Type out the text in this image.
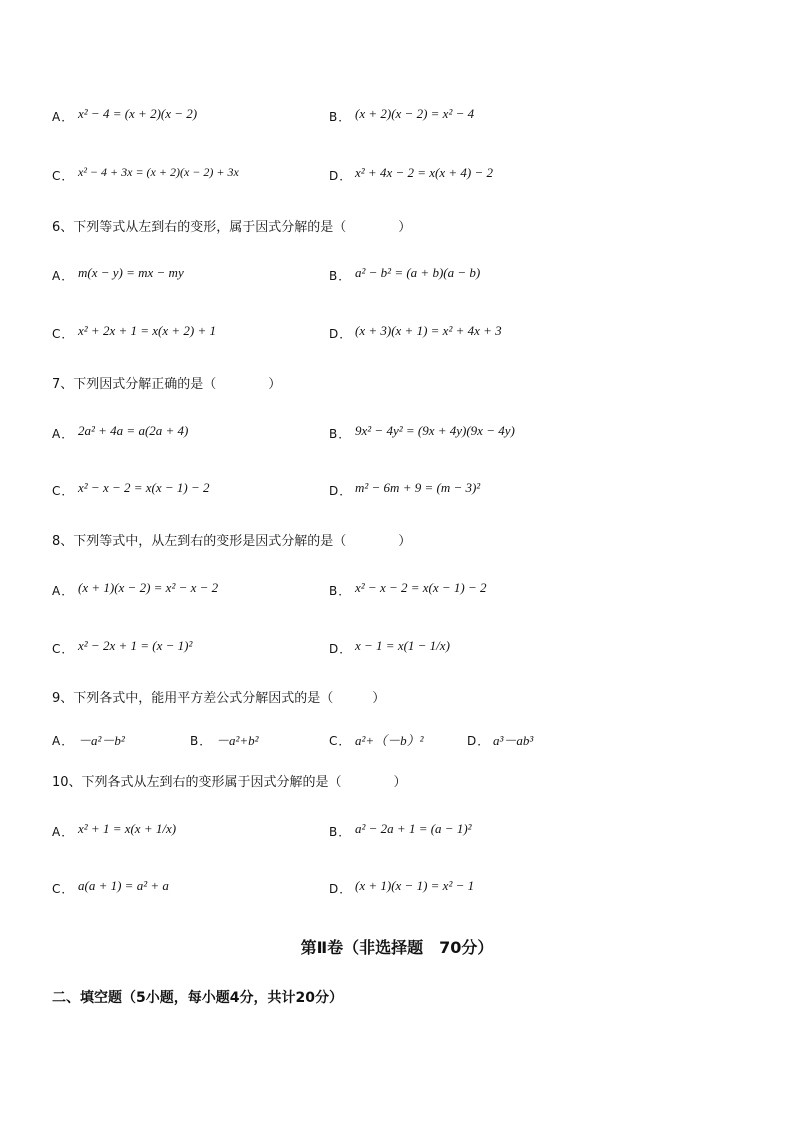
A． x² − 4 = (x + 2)(x − 2)	B． (x + 2)(x − 2) = x² − 4
C． x² − 4 + 3x = (x + 2)(x − 2) + 3x	D． x² + 4x − 2 = x(x + 4) − 2
6、下列等式从左到右的变形，属于因式分解的是（　　　　）
A． m(x − y) = mx − my	B． a² − b² = (a + b)(a − b)
C． x² + 2x + 1 = x(x + 2) + 1	D． (x + 3)(x + 1) = x² + 4x + 3
7、下列因式分解正确的是（　　　　）
A． 2a² + 4a = a(2a + 4)	B． 9x² − 4y² = (9x + 4y)(9x − 4y)
C． x² − x − 2 = x(x − 1) − 2	D． m² − 6m + 9 = (m − 3)²
8、下列等式中，从左到右的变形是因式分解的是（　　　　）
A． (x + 1)(x − 2) = x² − x − 2	B． x² − x − 2 = x(x − 1) − 2
C． x² − 2x + 1 = (x − 1)²	D． x − 1 = x(1 − 1/x)
9、下列各式中，能用平方差公式分解因式的是（　　　）
A． －a²－b²	B． －a²+b²	C． a²+（－b）²	D． a³－ab³
10、下列各式从左到右的变形属于因式分解的是（　　　　）
A． x² + 1 = x(x + 1/x)	B． a² − 2a + 1 = (a − 1)²
C． a(a + 1) = a² + a	D． (x + 1)(x − 1) = x² − 1
第Ⅱ卷（非选择题　70分）
二、填空题（5小题，每小题4分，共计20分）
